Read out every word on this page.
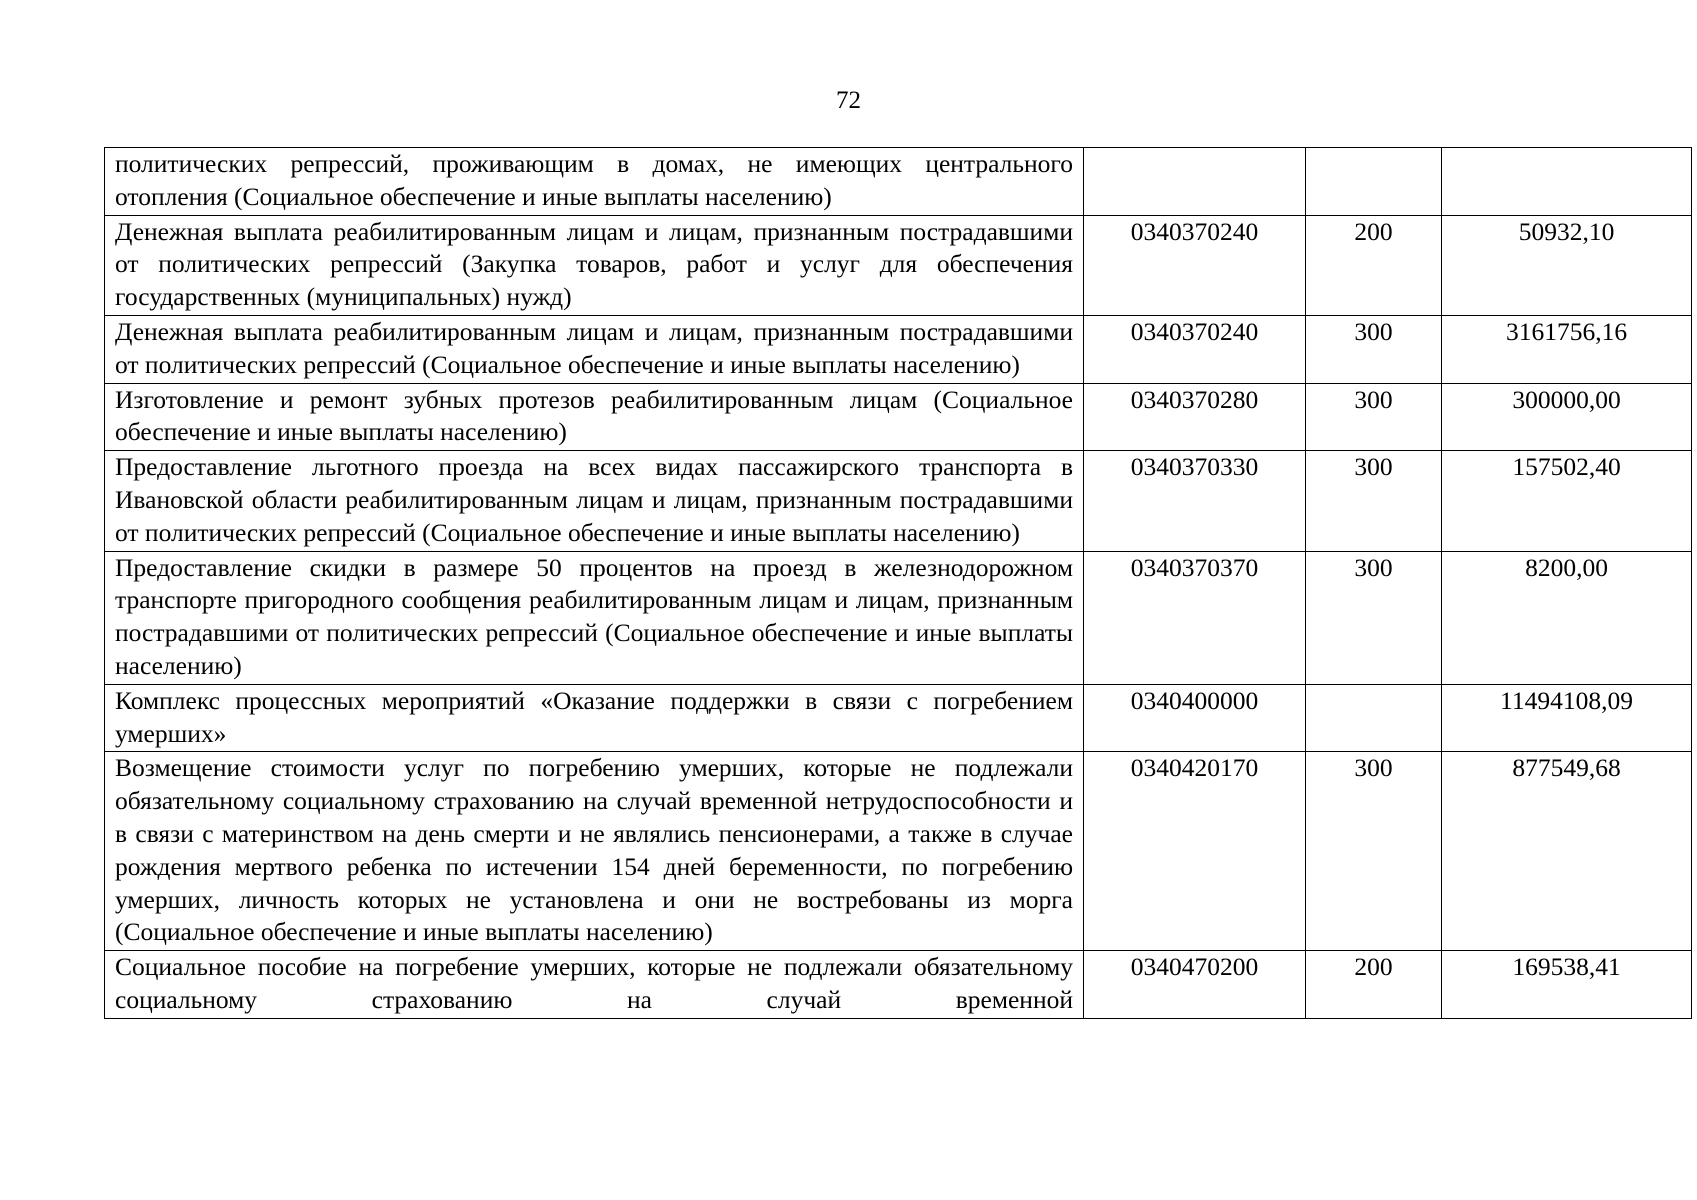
72
политических репрессий, проживающим в домах, не имеющих центрального отопления (Социальное обеспечение и иные выплаты населению)			
Денежная выплата реабилитированным лицам и лицам, признанным пострадавшими от политических репрессий (Закупка товаров, работ и услуг для обеспечения государственных (муниципальных) нужд)	0340370240	200	50932,10
Денежная выплата реабилитированным лицам и лицам, признанным пострадавшими от политических репрессий (Социальное обеспечение и иные выплаты населению)	0340370240	300	3161756,16
Изготовление и ремонт зубных протезов реабилитированным лицам (Социальное обеспечение и иные выплаты населению)	0340370280	300	300000,00
Предоставление льготного проезда на всех видах пассажирского транспорта в Ивановской области реабилитированным лицам и лицам, признанным пострадавшими от политических репрессий (Социальное обеспечение и иные выплаты населению)	0340370330	300	157502,40
Предоставление скидки в размере 50 процентов на проезд в железнодорожном транспорте пригородного сообщения реабилитированным лицам и лицам, признанным пострадавшими от политических репрессий (Социальное обеспечение и иные выплаты населению)	0340370370	300	8200,00
Комплекс процессных мероприятий «Оказание поддержки в связи с погребением умерших»	0340400000		11494108,09
Возмещение стоимости услуг по погребению умерших, которые не подлежали обязательному социальному страхованию на случай временной нетрудоспособности и в связи с материнством на день смерти и не являлись пенсионерами, а также в случае рождения мертвого ребенка по истечении 154 дней беременности, по погребению умерших, личность которых не установлена и они не востребованы из морга (Социальное обеспечение и иные выплаты населению)	0340420170	300	877549,68
Социальное пособие на погребение умерших, которые не подлежали обязательному социальному страхованию на случай временной	0340470200	200	169538,41
